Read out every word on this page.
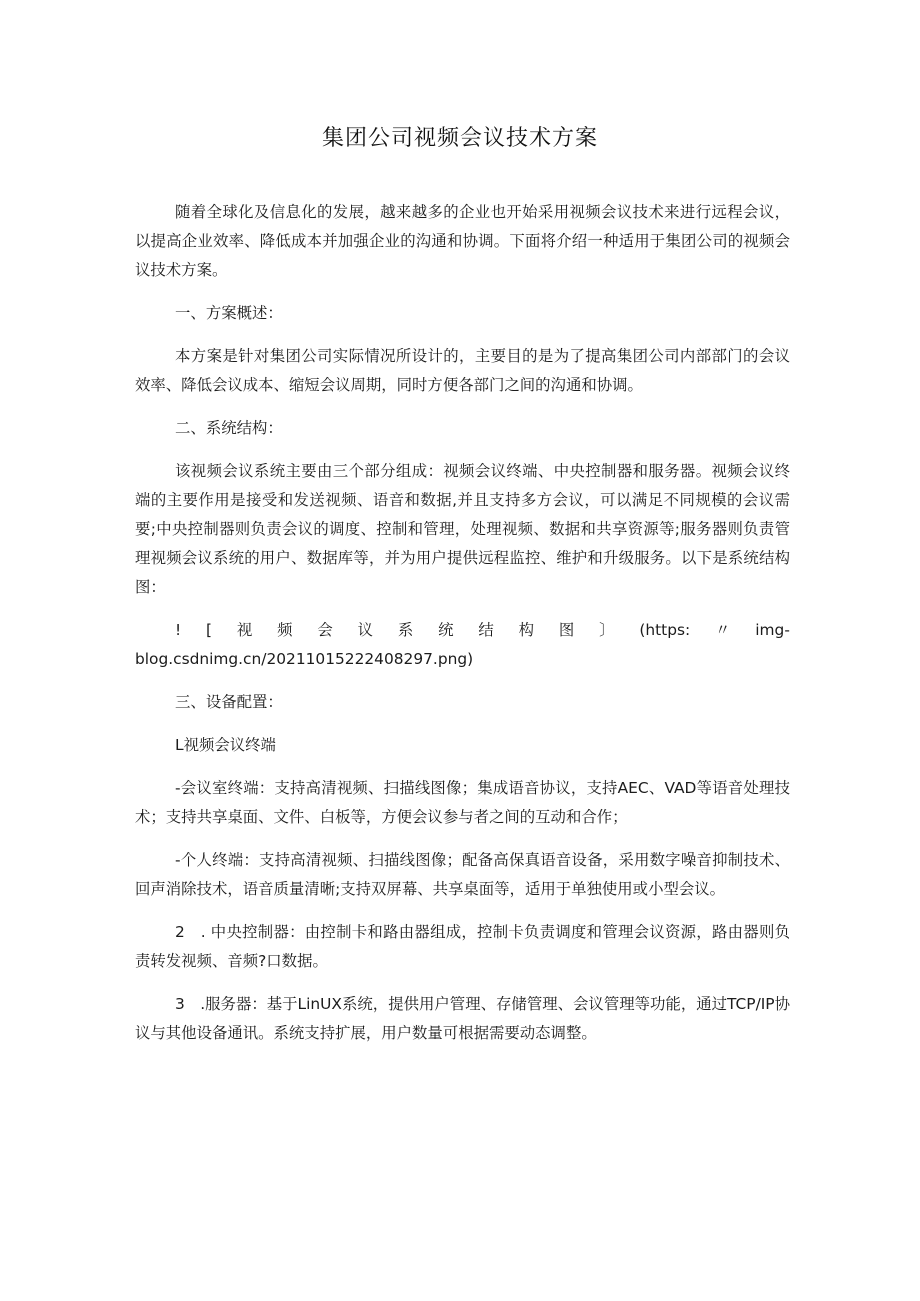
集团公司视频会议技术方案

随着全球化及信息化的发展，越来越多的企业也开始采用视频会议技术来进行远程会议，以提高企业效率、降低成本并加强企业的沟通和协调。下面将介绍一种适用于集团公司的视频会议技术方案。

一、方案概述：

本方案是针对集团公司实际情况所设计的，主要目的是为了提高集团公司内部部门的会议效率、降低会议成本、缩短会议周期，同时方便各部门之间的沟通和协调。

二、系统结构：

该视频会议系统主要由三个部分组成：视频会议终端、中央控制器和服务器。视频会议终端的主要作用是接受和发送视频、语音和数据,并且支持多方会议，可以满足不同规模的会议需要;中央控制器则负责会议的调度、控制和管理，处理视频、数据和共享资源等;服务器则负责管理视频会议系统的用户、数据库等，并为用户提供远程监控、维护和升级服务。以下是系统结构图：

! [ 视 频 会 议 系 统 结 构 图 〕 (https: 〃 img-

blog.csdnimg.cn/20211015222408297.png)

三、设备配置：

L视频会议终端

-会议室终端：支持高清视频、扫描线图像；集成语音协议，支持AEC、VAD等语音处理技术；支持共享桌面、文件、白板等，方便会议参与者之间的互动和合作；

-个人终端：支持高清视频、扫描线图像；配备高保真语音设备，采用数字噪音抑制技术、回声消除技术，语音质量清晰;支持双屏幕、共享桌面等，适用于单独使用或小型会议。

2　. 中央控制器：由控制卡和路由器组成，控制卡负责调度和管理会议资源，路由器则负责转发视频、音频?口数据。

3　.服务器：基于LinUX系统，提供用户管理、存储管理、会议管理等功能，通过TCP/IP协议与其他设备通讯。系统支持扩展，用户数量可根据需要动态调整。
